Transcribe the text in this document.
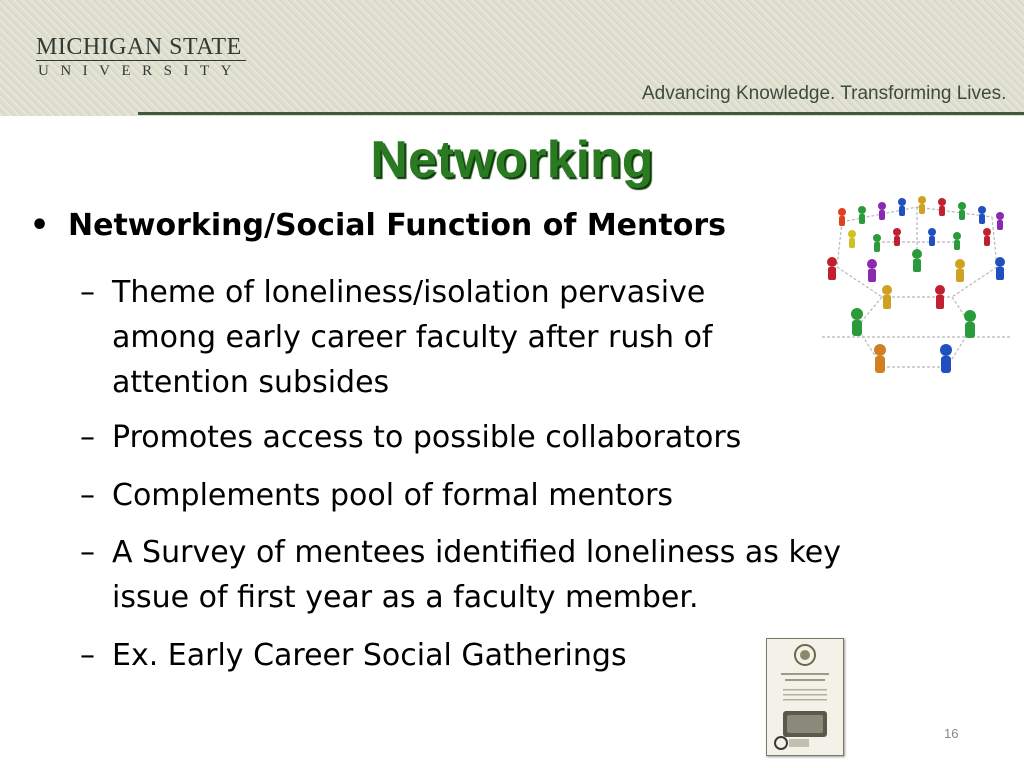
MICHIGAN STATE
UNIVERSITY
Advancing Knowledge. Transforming Lives.
Networking
• Networking/Social Function of Mentors
– Theme of loneliness/isolation pervasive among early career faculty after rush of attention subsides
– Promotes access to possible collaborators
– Complements pool of formal mentors
– A Survey of mentees identified loneliness as key issue of first year as a faculty member.
– Ex. Early Career Social Gatherings
16
